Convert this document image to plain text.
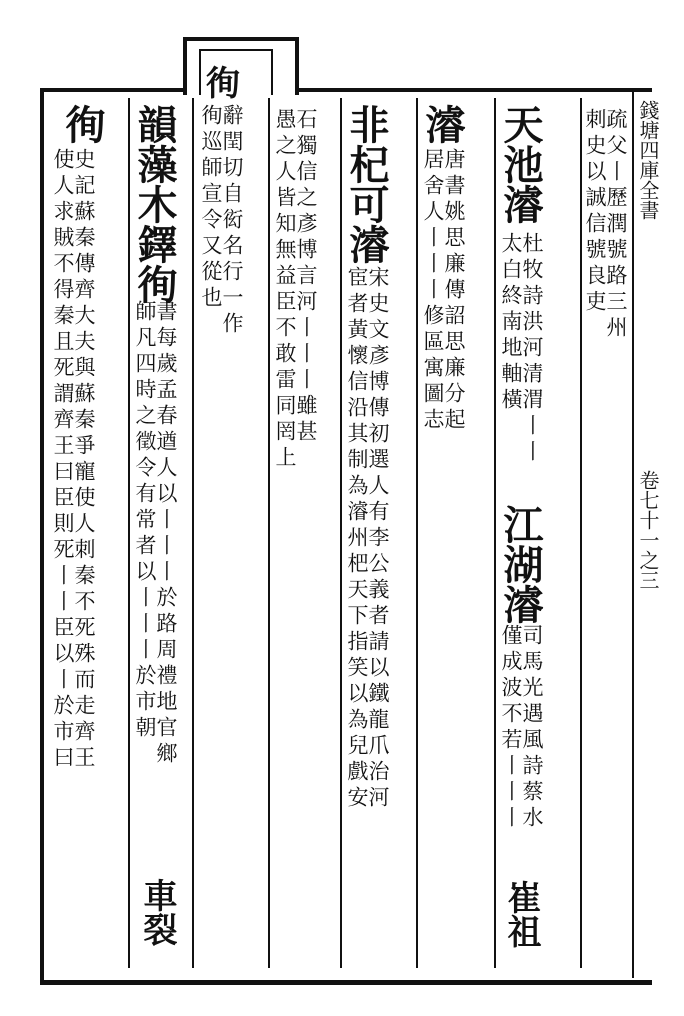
徇
疏父丨歷潤號路三州
刺史以誠信號良吏
天池濬
杜牧詩洪河清渭丨丨
太白終南地軸橫
江湖濬
司馬光遇風詩蔡水
僅成波不若丨丨丨
崔祖
濬
唐書姚思廉傳詔思廉分起
居舍人丨丨丨修區寓圖志
非杞可濬
宋史文彥博傳初選人有李公義者請以鐵龍爪治河
宦者黃懷信沿其制為濬州杷天下指笑以為兒戲安
石獨信之彥博言河丨丨丨雖甚
愚之人皆知無益臣不敢雷同罔上
辭閏切自衒名行一作
徇巡師宣令又從也
韻藻木鐸徇
書每歲孟春遒人以丨丨丨於路周禮地官鄉
師凡四時之徵令有常者以丨丨丨於市朝
車裂
徇
史記蘇秦傳齊大夫與蘇秦爭寵使人刺秦不死殊而走齊王
使人求賊不得秦且死謂齊王曰臣則死丨丨臣以丨於市曰	錢塘四庫全書
卷七十一之三
